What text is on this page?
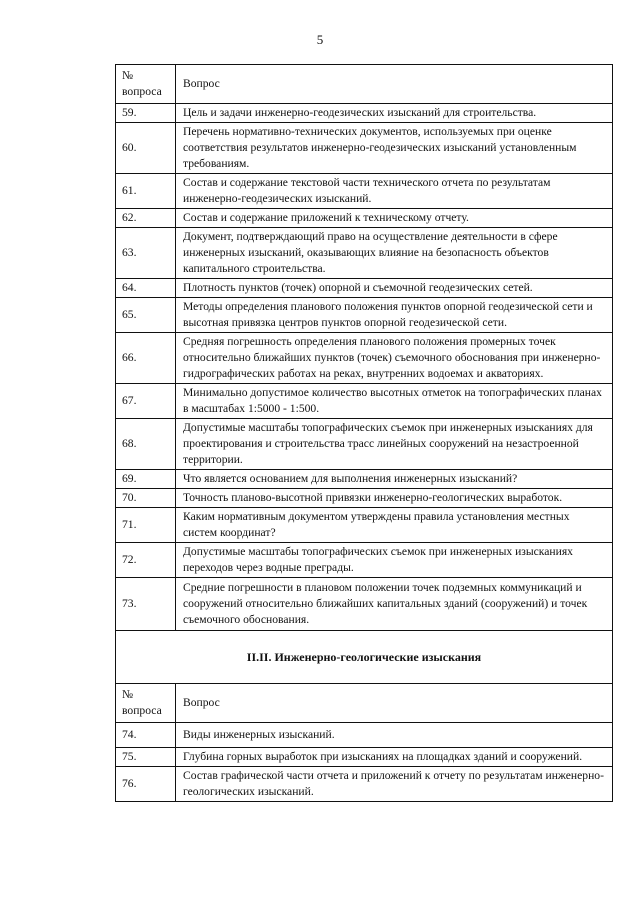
5
№ вопроса	Вопрос
59.	Цель и задачи инженерно-геодезических изысканий для строительства.
60.	Перечень нормативно-технических документов, используемых при оценке соответствия результатов инженерно-геодезических изысканий установленным требованиям.
61.	Состав и содержание текстовой части технического отчета по результатам инженерно-геодезических изысканий.
62.	Состав и содержание приложений к техническому отчету.
63.	Документ, подтверждающий право на осуществление деятельности в сфере инженерных изысканий, оказывающих влияние на безопасность объектов капитального строительства.
64.	Плотность пунктов (точек) опорной и съемочной геодезических сетей.
65.	Методы определения планового положения пунктов опорной геодезической сети и высотная привязка центров пунктов опорной геодезической сети.
66.	Средняя погрешность определения планового положения промерных точек относительно ближайших пунктов (точек) съемочного обоснования при инженерно-гидрографических работах на реках, внутренних водоемах и акваториях.
67.	Минимально допустимое количество высотных отметок на топографических планах в масштабах 1:5000 - 1:500.
68.	Допустимые масштабы топографических съемок при инженерных изысканиях для проектирования и строительства трасс линейных сооружений на незастроенной территории.
69.	Что является основанием для выполнения инженерных изысканий?
70.	Точность планово-высотной привязки инженерно-геологических выработок.
71.	Каким нормативным документом утверждены правила установления местных систем координат?
72.	Допустимые масштабы топографических съемок при инженерных изысканиях переходов через водные преграды.
73.	Средние погрешности в плановом положении точек подземных коммуникаций и сооружений относительно ближайших капитальных зданий (сооружений) и точек съемочного обоснования.
II.II. Инженерно-геологические изыскания	
№ вопроса	Вопрос
74.	Виды инженерных изысканий.
75.	Глубина горных выработок при изысканиях на площадках зданий и сооружений.
76.	Состав графической части отчета и приложений к отчету по результатам инженерно-геологических изысканий.
